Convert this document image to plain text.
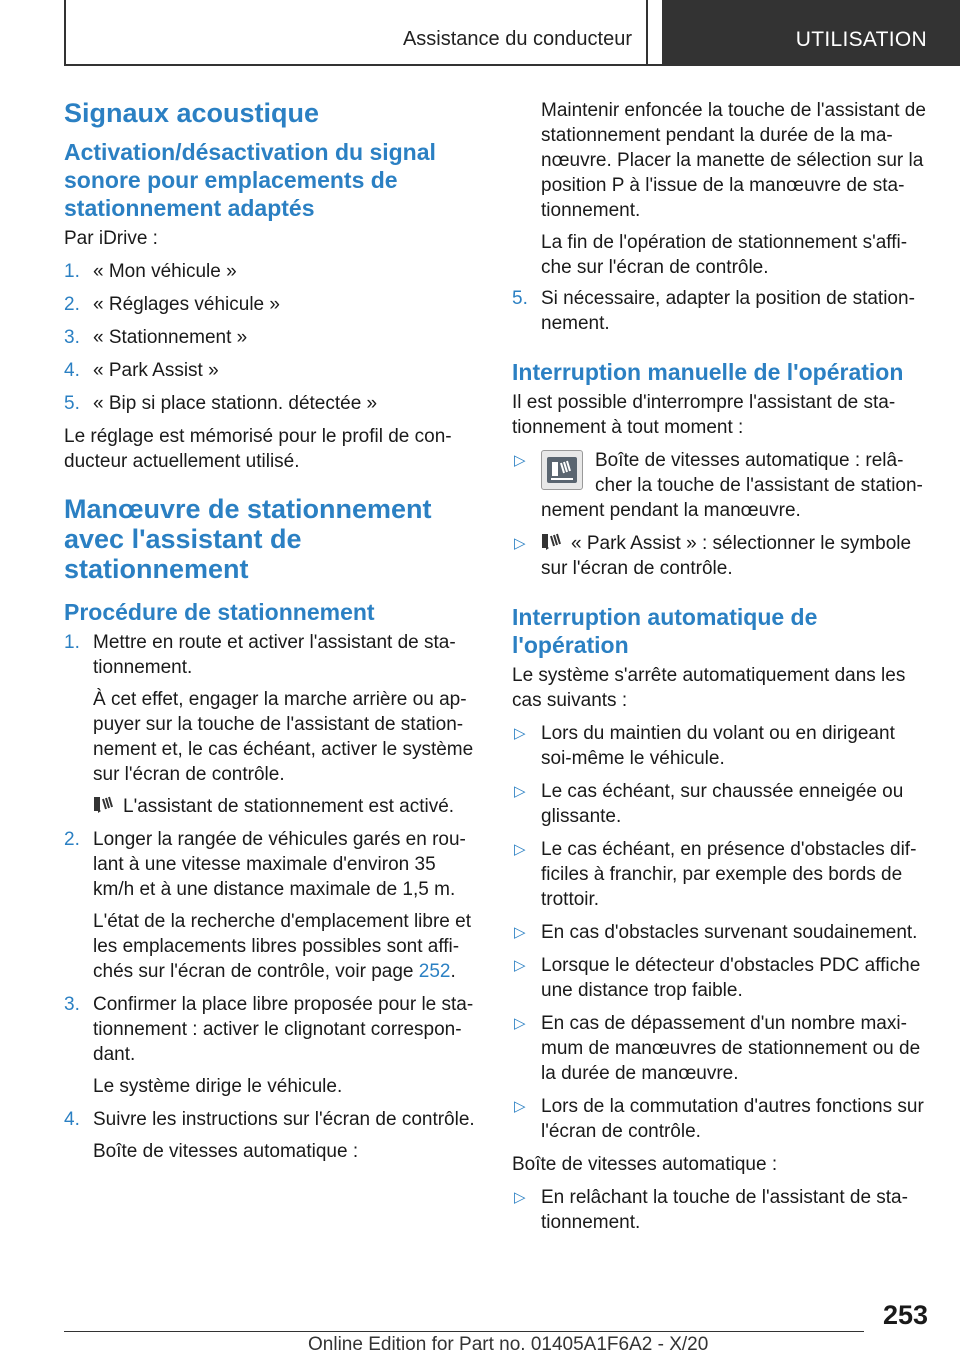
Assistance du conducteur	UTILISATION
Signaux acoustique
Activation/désactivation du signal sonore pour emplacements de stationnement adaptés
Par iDrive :
1. « Mon véhicule »
2. « Réglages véhicule »
3. « Stationnement »
4. « Park Assist »
5. « Bip si place stationn. détectée »
Le réglage est mémorisé pour le profil de conducteur actuellement utilisé.
Manœuvre de stationnement avec l'assistant de stationnement
Procédure de stationnement
1. Mettre en route et activer l'assistant de stationnement.
À cet effet, engager la marche arrière ou appuyer sur la touche de l'assistant de stationnement et, le cas échéant, activer le système sur l'écran de contrôle.
L'assistant de stationnement est activé.
2. Longer la rangée de véhicules garés en roulant à une vitesse maximale d'environ 35 km/h et à une distance maximale de 1,5 m.
L'état de la recherche d'emplacement libre et les emplacements libres possibles sont affichés sur l'écran de contrôle, voir page 252.
3. Confirmer la place libre proposée pour le stationnement : activer le clignotant correspondant.
Le système dirige le véhicule.
4. Suivre les instructions sur l'écran de contrôle.
Boîte de vitesses automatique :
Maintenir enfoncée la touche de l'assistant de stationnement pendant la durée de la manœuvre. Placer la manette de sélection sur la position P à l'issue de la manœuvre de stationnement.
La fin de l'opération de stationnement s'affiche sur l'écran de contrôle.
5. Si nécessaire, adapter la position de stationnement.
Interruption manuelle de l'opération
Il est possible d'interrompre l'assistant de stationnement à tout moment :
▷	Boîte de vitesses automatique : relâcher la touche de l'assistant de stationnement pendant la manœuvre.
▷ « Park Assist » : sélectionner le symbole sur l'écran de contrôle.
Interruption automatique de l'opération
Le système s'arrête automatiquement dans les cas suivants :
▷ Lors du maintien du volant ou en dirigeant soi-même le véhicule.
▷ Le cas échéant, sur chaussée enneigée ou glissante.
▷ Le cas échéant, en présence d'obstacles difficiles à franchir, par exemple des bords de trottoir.
▷ En cas d'obstacles survenant soudainement.
▷ Lorsque le détecteur d'obstacles PDC affiche une distance trop faible.
▷ En cas de dépassement d'un nombre maximum de manœuvres de stationnement ou de la durée de manœuvre.
▷ Lors de la commutation d'autres fonctions sur l'écran de contrôle.
Boîte de vitesses automatique :
▷ En relâchant la touche de l'assistant de stationnement.
253
Online Edition for Part no. 01405A1F6A2 - X/20
